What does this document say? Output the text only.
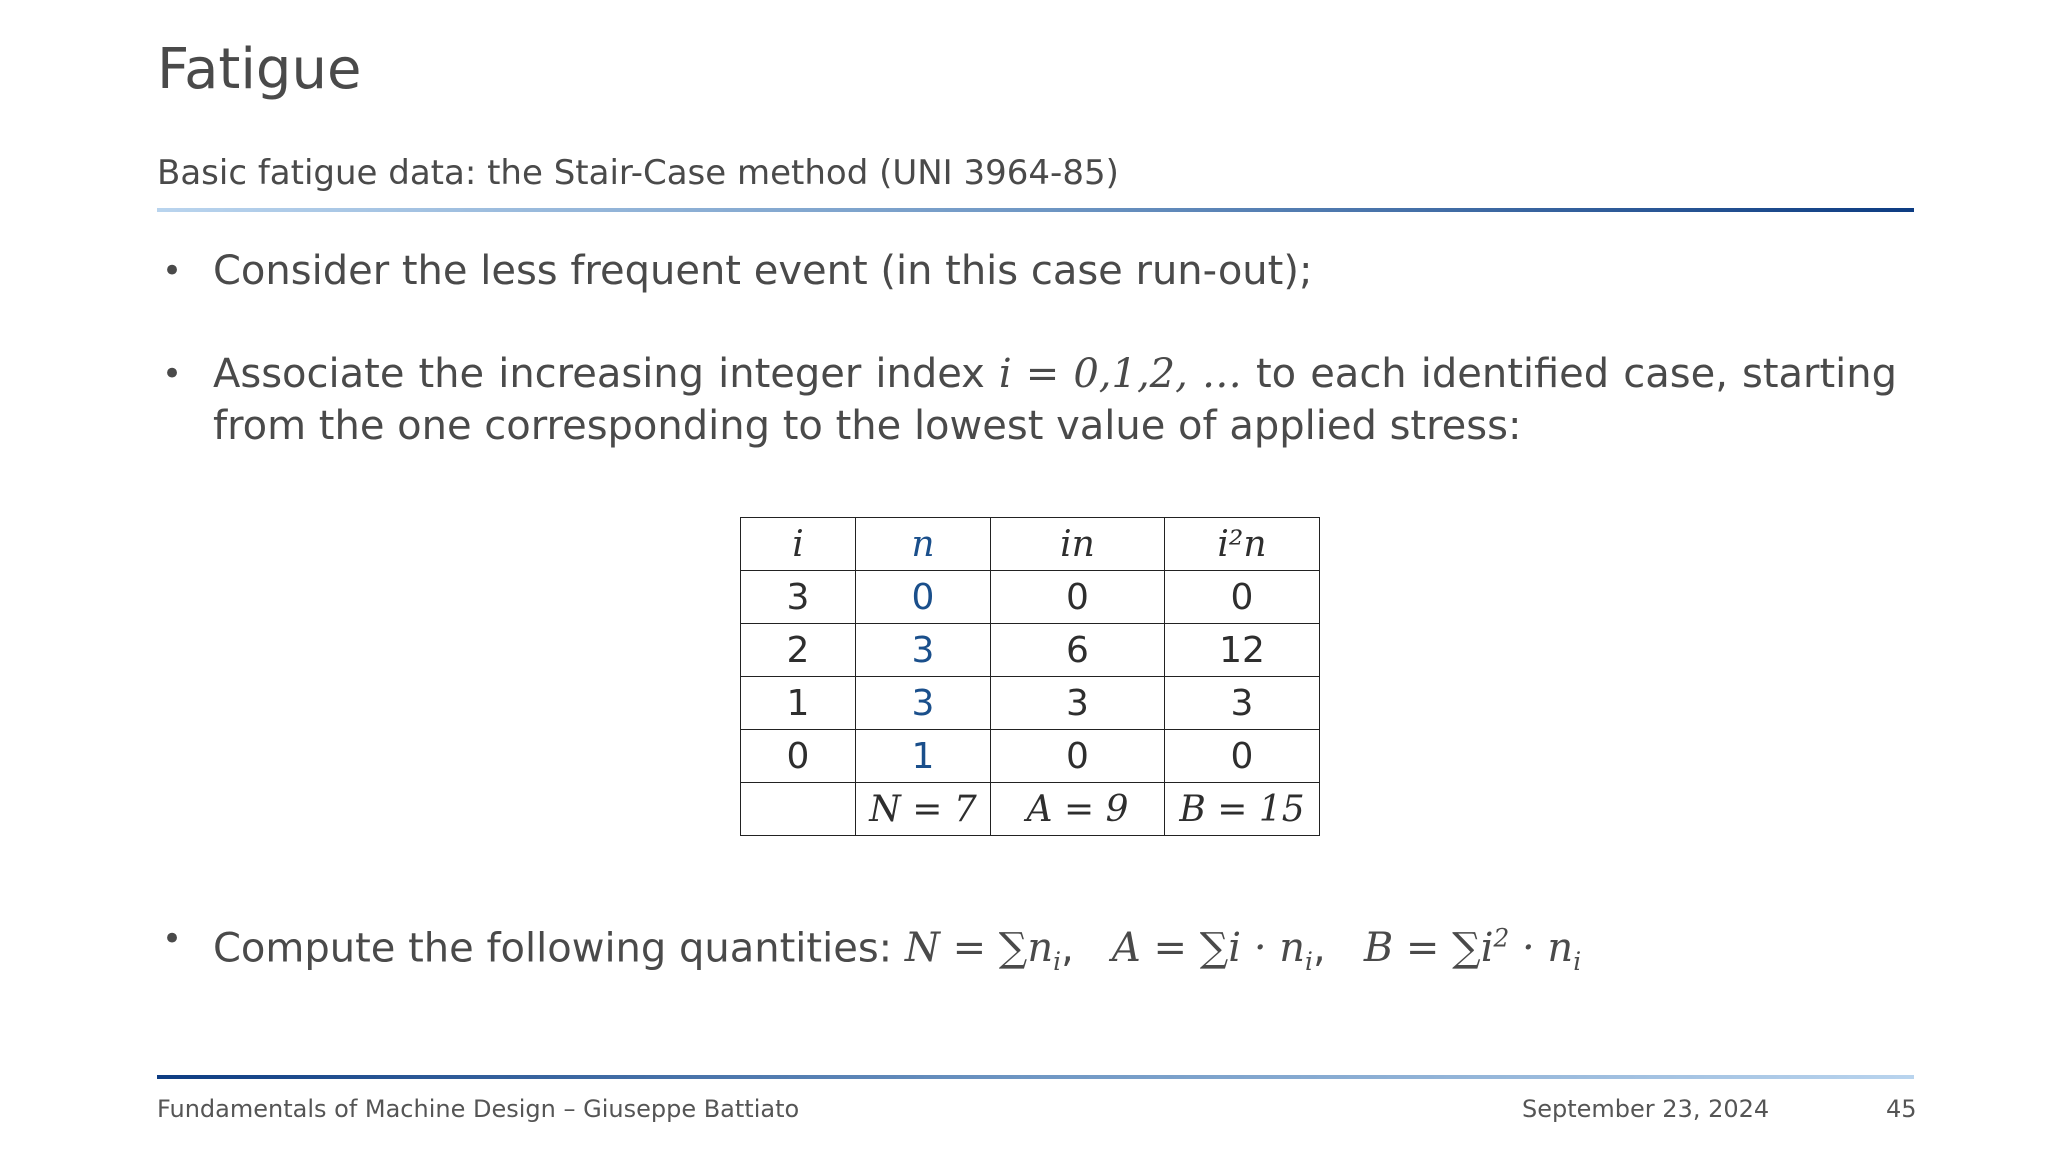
Fatigue
Basic fatigue data: the Stair-Case method (UNI 3964-85)
• Consider the less frequent event (in this case run-out);
• Associate the increasing integer index i = 0,1,2, … to each identified case, starting from the one corresponding to the lowest value of applied stress:
i	n	in	i²n
3	0	0	0
2	3	6	12
1	3	3	3
0	1	0	0
	N = 7	A = 9	B = 15
• Compute the following quantities: $N = \sum n_i$,   $A = \sum i \cdot n_i$,   $B = \sum i^2 \cdot n_i$
Fundamentals of Machine Design – Giuseppe Battiato	September 23, 2024	45
